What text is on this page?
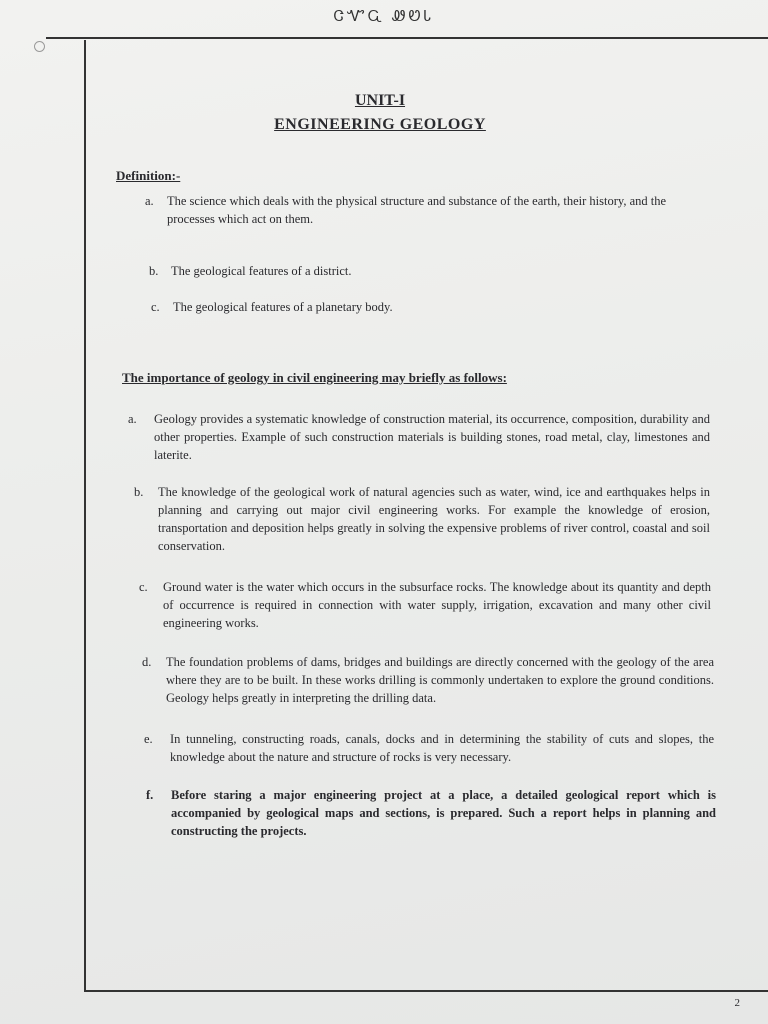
ᏣᏉᏩ ᏪᏬᏓ
UNIT-I
ENGINEERING GEOLOGY
Definition:-
a. The science which deals with the physical structure and substance of the earth, their history, and the processes which act on them.
b. The geological features of a district.
c. The geological features of a planetary body.
The importance of geology in civil engineering may briefly as follows:
a. Geology provides a systematic knowledge of construction material, its occurrence, composition, durability and other properties. Example of such construction materials is building stones, road metal, clay, limestones and laterite.
b. The knowledge of the geological work of natural agencies such as water, wind, ice and earthquakes helps in planning and carrying out major civil engineering works. For example the knowledge of erosion, transportation and deposition helps greatly in solving the expensive problems of river control, coastal and soil conservation.
c. Ground water is the water which occurs in the subsurface rocks. The knowledge about its quantity and depth of occurrence is required in connection with water supply, irrigation, excavation and many other civil engineering works.
d. The foundation problems of dams, bridges and buildings are directly concerned with the geology of the area where they are to be built. In these works drilling is commonly undertaken to explore the ground conditions. Geology helps greatly in interpreting the drilling data.
e. In tunneling, constructing roads, canals, docks and in determining the stability of cuts and slopes, the knowledge about the nature and structure of rocks is very necessary.
f. Before staring a major engineering project at a place, a detailed geological report which is accompanied by geological maps and sections, is prepared. Such a report helps in planning and constructing the projects.
2
